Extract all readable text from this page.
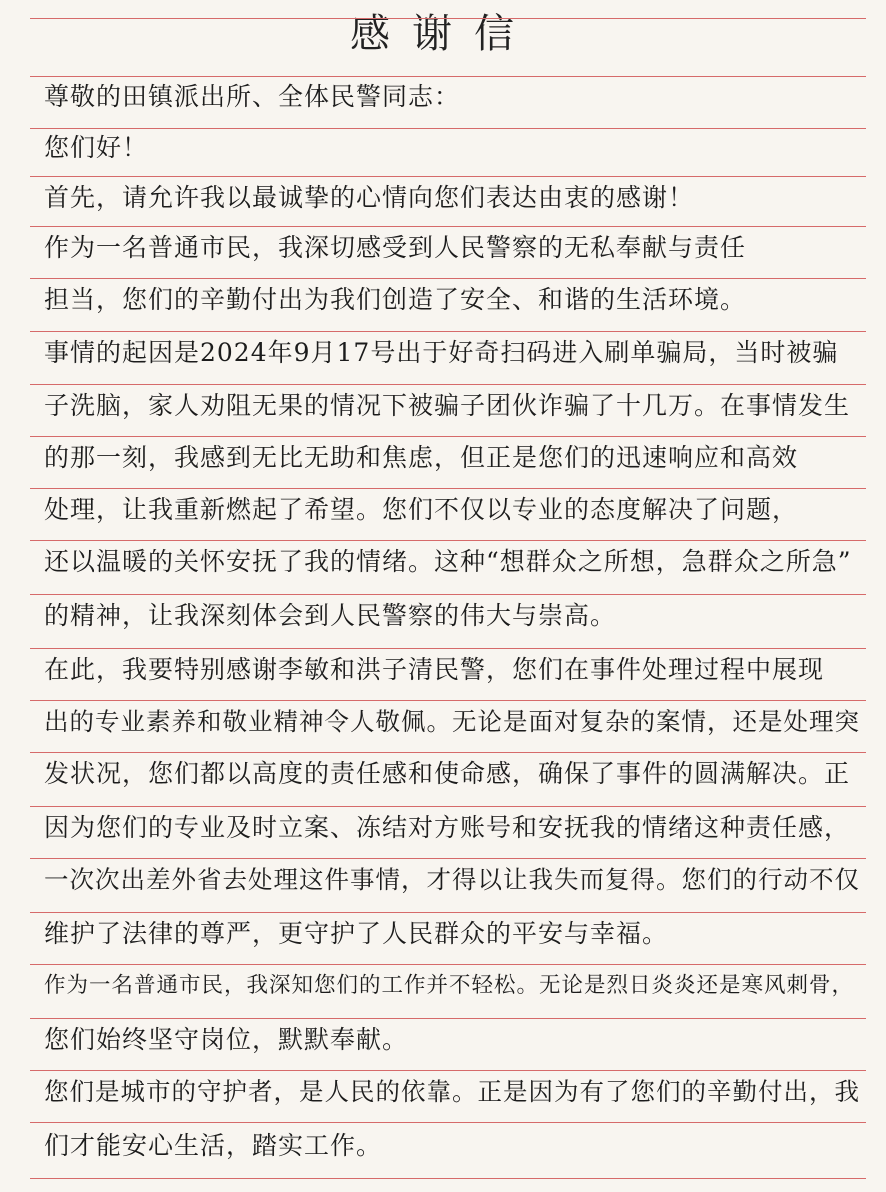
感谢信
尊敬的田镇派出所、全体民警同志：
您们好！
首先，请允许我以最诚挚的心情向您们表达由衷的感谢！
作为一名普通市民，我深切感受到人民警察的无私奉献与责任
担当，您们的辛勤付出为我们创造了安全、和谐的生活环境。
事情的起因是2024年9月17号出于好奇扫码进入刷单骗局，当时被骗
子洗脑，家人劝阻无果的情况下被骗子团伙诈骗了十几万。在事情发生
的那一刻，我感到无比无助和焦虑，但正是您们的迅速响应和高效
处理，让我重新燃起了希望。您们不仅以专业的态度解决了问题，
还以温暖的关怀安抚了我的情绪。这种“想群众之所想，急群众之所急”
的精神，让我深刻体会到人民警察的伟大与崇高。
在此，我要特别感谢李敏和洪子清民警，您们在事件处理过程中展现
出的专业素养和敬业精神令人敬佩。无论是面对复杂的案情，还是处理突
发状况，您们都以高度的责任感和使命感，确保了事件的圆满解决。正
因为您们的专业及时立案、冻结对方账号和安抚我的情绪这种责任感，
一次次出差外省去处理这件事情，才得以让我失而复得。您们的行动不仅
维护了法律的尊严，更守护了人民群众的平安与幸福。
作为一名普通市民，我深知您们的工作并不轻松。无论是烈日炎炎还是寒风刺骨，
您们始终坚守岗位，默默奉献。
您们是城市的守护者，是人民的依靠。正是因为有了您们的辛勤付出，我
们才能安心生活，踏实工作。
